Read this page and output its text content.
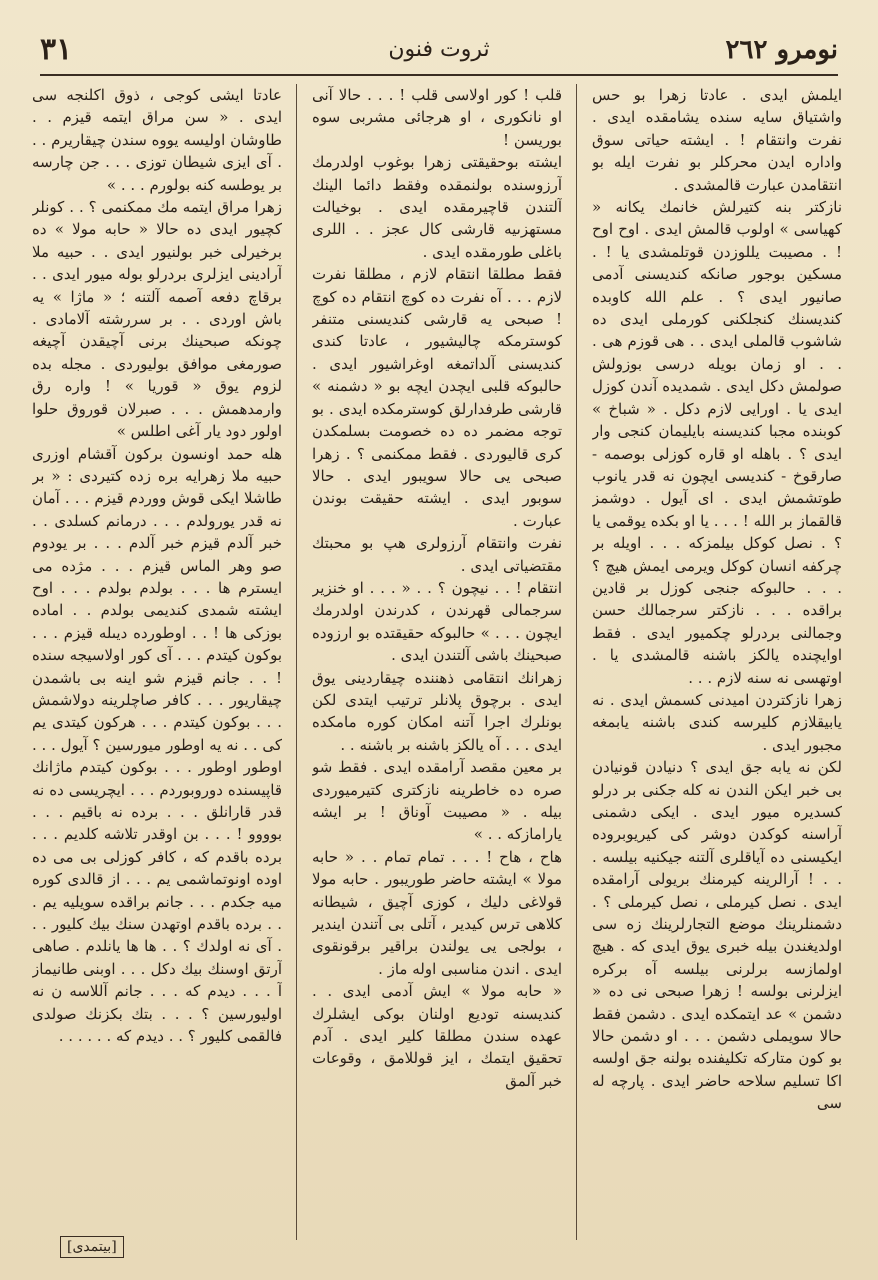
٣١	ثروت فنون	نومرو ٢٦٢

ايلمش ايدى . عادتا زهرا بو حس واشتياق سايه سنده يشامقده ايدى . نفرت وانتقام ! . ايشته حياتى سوق واداره ايدن محركلر بو نفرت ايله بو انتقامدن عبارت قالمشدى .

نازكتر بنه كتيرلش خانمك يكانه « كهياسى » اولوب قالمش ايدى . اوح اوح ! . مصيبت يللوزدن قوتلمشدى يا ! . مسكين بوجور صانكه كنديسنى آدمى صانيور ايدى ؟ . علم الله كاوبده كنديسنك كنجلكنى كورملى ايدى ده شاشوب قالملى ايدى . . هى قوزم هى . . . او زمان بويله درسى بوزولش صولمش دكل ايدى . شمديده آندن كوزل ايدى يا . اورايى لازم دكل . « شباخ » كوبنده مجبا كنديسنه بايليمان كنجى وار ايدى ؟ . باهله او قاره كوزلى بوصمه - صارقوخ - كنديسى ايچون نه قدر يانوب طوتشمش ايدى . اى آيول . دوشمز قالقماز بر الله ! . . . يا او بكده يوقمى يا ؟ . نصل كوكل بيلمزكه . . . اويله بر چركفه انسان كوكل ويرمى ايمش هيچ ؟ . . . حالبوكه جنجى كوزل بر قادين براقده . . . نازكتر سرجمالك حسن وجمالنى بردرلو چكميور ايدى . فقط اوايچنده يالكز باشنه قالمشدى يا . اوتهسى نه سنه لازم . . .

زهرا نازكتردن اميدنى كسمش ايدى . نه يابيقلازم كليرسه كندى باشنه يابمغه مجبور ايدى .

لكن نه يابه جق ايدى ؟ دنيادن قونيادن بى خبر ايكن الندن نه كله جكنى بر درلو كسديره ميور ايدى . ايكى دشمنى آراسنه كوكدن دوشر كى كيريوبروده ايكيسنى ده آياقلرى آلتنه جيكنيه بيلسه . . . ! آرالرينه كيرمنك بريولى آرامقده ايدى . نصل كيرملى ، نصل كيرملى ؟ . دشمنلرينك موضع التجارلرينك زه سى اولديغندن بيله خبرى يوق ايدى كه . هيچ اولمازسه برلرنى بيلسه آه بركره ايزلرنى بولسه ! زهرا صبحى نى ده « دشمن » عد ايتمكده ايدى . دشمن فقط حالا سويملى دشمن . . . او دشمن حالا بو كون متاركه تكليفنده بولنه جق اولسه اكا تسليم سلاحه حاضر ايدى . پارچه له سى

قلب ! كور اولاسى قلب ! . . . حالا آنى او نانكورى ، او هرجائى مشربى سوه بوريسن !

ايشته بوحقيقتى زهرا بوغوب اولدرمك آرزوسنده بولنمقده وفقط دائما الينك آلتندن قاچيرمقده ايدى . بوخيالت مستهزىيه قارشى كال عجز . . اللرى باغلى طورمقده ايدى .

فقط مطلقا انتقام لازم ، مطلقا نفرت لازم . . . آه نفرت ده كوچ انتقام ده كوچ ! صبحى يه قارشى كنديسنى متنفر كوسترمكه چاليشيور ، عادتا كندى كنديسنى آلداتمغه اوغراشيور ايدى . حالبوكه قلبى ايچدن ايچه بو « دشمنه » قارشى طرفدارلق كوسترمكده ايدى . بو توجه مضمر ده ده خصومت بسلمكدن كرى قاليوردى . فقط ممكنمى ؟ . زهرا صبحى يى حالا سويبور ايدى . حالا سوبور ايدى . ايشته حقيقت بوندن عبارت .

نفرت وانتقام آرزولرى هپ بو محبتك مقتضياتى ايدى .

انتقام ! . . نيچون ؟ . . « . . . او خنزير سرجمالى قهرندن ، كدرندن اولدرمك ايچون . . . » حالبوكه حقيقتده بو ارزوده صبحينك باشى آلتندن ايدى .

زهرانك انتقامى ذهننده چيقاردينى يوق ايدى . برچوق پلانلر ترتيب ايتدى لكن بونلرك اجرا آتنه امكان كوره مامكده ايدى . . . آه يالكز باشنه بر باشنه . .

بر معين مقصد آرامقده ايدى . فقط شو صره ده خاطرينه نازكترى كتيرميوردى بيله . « مصيبت آوناق ! بر ايشه يارامازكه . . »

هاح ، هاح ! . . . تمام تمام . . « حابه مولا » ايشته حاضر طوريبور . حابه مولا قولاغى دليك ، كوزى آچيق ، شيطانه كلاهى ترس كيدير ، آتلى بى آتندن ايندير ، بولجى يى يولندن براقير برقونقوى ايدى . اندن مناسبى اوله ماز .

« حابه مولا » ايش آدمى ايدى . . كنديسنه توديع اولنان بوكى ايشلرك عهده سندن مطلقا كلير ايدى . آدم تحقيق ايتمك ، ايز قوللامق ، وقوعات خبر آلمق

عادتا ايشى كوجى ، ذوق اكلنجه سى ايدى . « سن مراق ايتمه قيزم . . طاوشان اوليسه يووه سندن چيقاريرم . . . آى ايزى شيطان توزى . . . جن چارسه بر يوطسه كنه بولورم . . . »

زهرا مراق ايتمه مك ممكنمى ؟ . . كونلر كچيور ايدى ده حالا « حابه مولا » ده برخيرلى خبر بولنيور ايدى . . حبيه ملا آرادينى ايزلرى بردرلو بوله ميور ايدى . . برقاچ دفعه آصمه آلتنه ؛ « ماژا » يه باش اوردى . . بر سررشته آلامادى . چونكه صبحينك برنى آچيقدن آچيغه صورمغى موافق بوليوردى . مجله بده لزوم يوق « قوريا » ! واره رق وارمدهمش . . . صبرلان قوروق حلوا اولور دود يار آغى اطلس »

هله حمد اونسون بركون آقشام اوزرى حبيه ملا زهرايه بره زده كتيردى : « بر طاشلا ايكى قوش ووردم قيزم . . . آمان نه قدر يورولدم . . . درمانم كسلدى . . خبر آلدم قيزم خبر آلدم . . . بر يودوم صو وهر الماس قيزم . . . مژده مى ايسترم ها . . . بولدم بولدم . . . اوح ايشته شمدى كنديمى بولدم . . اماده بوزكى ها ! . . اوطورده ديىله قيزم . . . بوكون كيتدم . . . آى كور اولاسيجه سنده ! . . جانم قيزم شو اينه بى باشمدن چيقاريور . . . كافر صاچلرينه دولاشمش . . . بوكون كيتدم . . . هركون كيتدى يم كى . . نه يه اوطور ميورسين ؟ آيول . . . اوطور اوطور . . . بوكون كيتدم ماژانك قاپيسنده دوروبوردم . . . ايچريسى ده نه قدر قارانلق . . . برده نه باقيم . . . بوووو ! . . . بن اوقدر تلاشه كلديم . . . برده باقدم كه ، كافر كوزلى بى مى ده اوده اونوتماشمى يم . . . از قالدى كوره ميه جكدم . . . جانم براقده سويليه يم . . . برده باقدم اوتهدن سنك بيك كليور . . . آى نه اولدك ؟ . . ها ها يانلدم . صاهى آرتق اوسنك بيك دكل . . . اوبنى طانيماز آ . . . ديدم كه . . . جانم آللاسه ن نه اوليورسين ؟ . . . بتك بكزنك صولدى فالقمى كليور ؟ . . ديدم كه . . . . . .

[بيتمدى]
